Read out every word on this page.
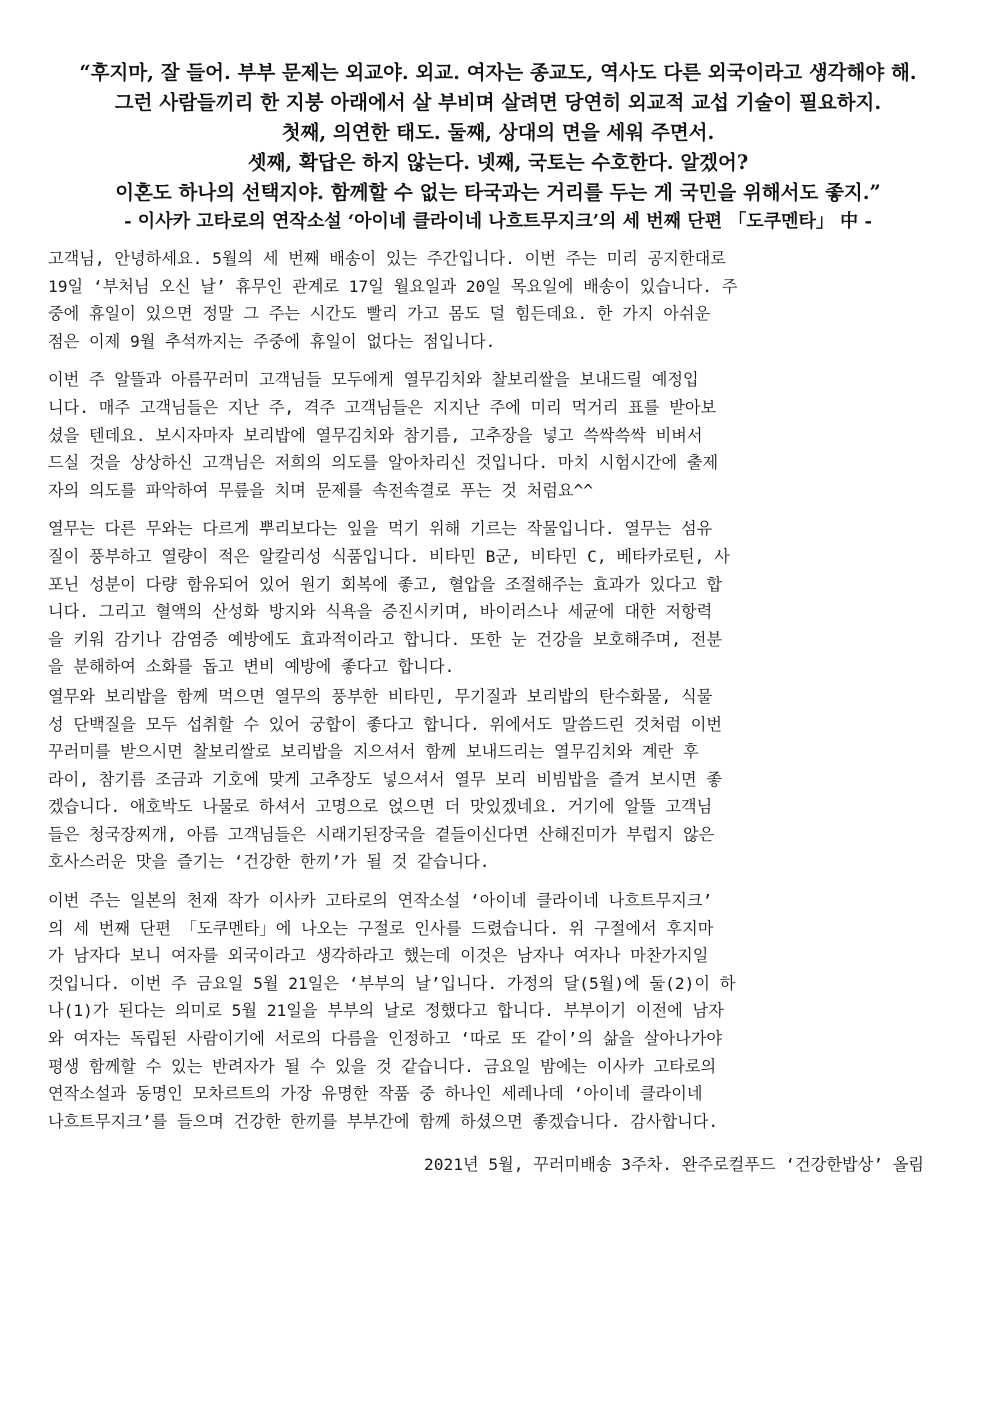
“후지마, 잘 들어. 부부 문제는 외교야. 외교. 여자는 종교도, 역사도 다른 외국이라고 생각해야 해.
그런 사람들끼리 한 지붕 아래에서 살 부비며 살려면 당연히 외교적 교섭 기술이 필요하지.
첫째, 의연한 태도. 둘째, 상대의 면을 세워 주면서.
셋째, 확답은 하지 않는다. 넷째, 국토는 수호한다. 알겠어?
이혼도 하나의 선택지야. 함께할 수 없는 타국과는 거리를 두는 게 국민을 위해서도 좋지.”
- 이사카 고타로의 연작소설 ‘아이네 클라이네 나흐트무지크’의 세 번째 단편 「도쿠멘타」 中 -
고객님, 안녕하세요. 5월의 세 번째 배송이 있는 주간입니다. 이번 주는 미리 공지한대로
19일 ‘부처님 오신 날’ 휴무인 관계로 17일 월요일과 20일 목요일에 배송이 있습니다. 주
중에 휴일이 있으면 정말 그 주는 시간도 빨리 가고 몸도 덜 힘든데요. 한 가지 아쉬운
점은 이제 9월 추석까지는 주중에 휴일이 없다는 점입니다.
이번 주 알뜰과 아름꾸러미 고객님들 모두에게 열무김치와 찰보리쌀을 보내드릴 예정입
니다. 매주 고객님들은 지난 주, 격주 고객님들은 지지난 주에 미리 먹거리 표를 받아보
셨을 텐데요. 보시자마자 보리밥에 열무김치와 참기름, 고추장을 넣고 쓱싹쓱싹 비벼서
드실 것을 상상하신 고객님은 저희의 의도를 알아차리신 것입니다. 마치 시험시간에 출제
자의 의도를 파악하여 무릎을 치며 문제를 속전속결로 푸는 것 처럼요^^
열무는 다른 무와는 다르게 뿌리보다는 잎을 먹기 위해 기르는 작물입니다. 열무는 섬유
질이 풍부하고 열량이 적은 알칼리성 식품입니다. 비타민 B군, 비타민 C, 베타카로틴, 사
포닌 성분이 다량 함유되어 있어 원기 회복에 좋고, 혈압을 조절해주는 효과가 있다고 합
니다. 그리고 혈액의 산성화 방지와 식욕을 증진시키며, 바이러스나 세균에 대한 저항력
을 키워 감기나 감염증 예방에도 효과적이라고 합니다. 또한 눈 건강을 보호해주며, 전분
을 분해하여 소화를 돕고 변비 예방에 좋다고 합니다.
열무와 보리밥을 함께 먹으면 열무의 풍부한 비타민, 무기질과 보리밥의 탄수화물, 식물
성 단백질을 모두 섭취할 수 있어 궁합이 좋다고 합니다. 위에서도 말씀드린 것처럼 이번
꾸러미를 받으시면 찰보리쌀로 보리밥을 지으셔서 함께 보내드리는 열무김치와 계란 후
라이, 참기름 조금과 기호에 맞게 고추장도 넣으셔서 열무 보리 비빔밥을 즐겨 보시면 좋
겠습니다. 애호박도 나물로 하셔서 고명으로 얹으면 더 맛있겠네요. 거기에 알뜰 고객님
들은 청국장찌개, 아름 고객님들은 시래기된장국을 곁들이신다면 산해진미가 부럽지 않은
호사스러운 맛을 즐기는 ‘건강한 한끼’가 될 것 같습니다.
이번 주는 일본의 천재 작가 이사카 고타로의 연작소설 ‘아이네 클라이네 나흐트무지크’
의 세 번째 단편 「도쿠멘타」에 나오는 구절로 인사를 드렸습니다. 위 구절에서 후지마
가 남자다 보니 여자를 외국이라고 생각하라고 했는데 이것은 남자나 여자나 마찬가지일
것입니다. 이번 주 금요일 5월 21일은 ‘부부의 날’입니다. 가정의 달(5월)에 둘(2)이 하
나(1)가 된다는 의미로 5월 21일을 부부의 날로 정했다고 합니다. 부부이기 이전에 남자
와 여자는 독립된 사람이기에 서로의 다름을 인정하고 ‘따로 또 같이’의 삶을 살아나가야
평생 함께할 수 있는 반려자가 될 수 있을 것 같습니다. 금요일 밤에는 이사카 고타로의
연작소설과 동명인 모차르트의 가장 유명한 작품 중 하나인 세레나데 ‘아이네 클라이네
나흐트무지크’를 들으며 건강한 한끼를 부부간에 함께 하셨으면 좋겠습니다. 감사합니다.
2021년 5월, 꾸러미배송 3주차. 완주로컬푸드 ‘건강한밥상’ 올림
